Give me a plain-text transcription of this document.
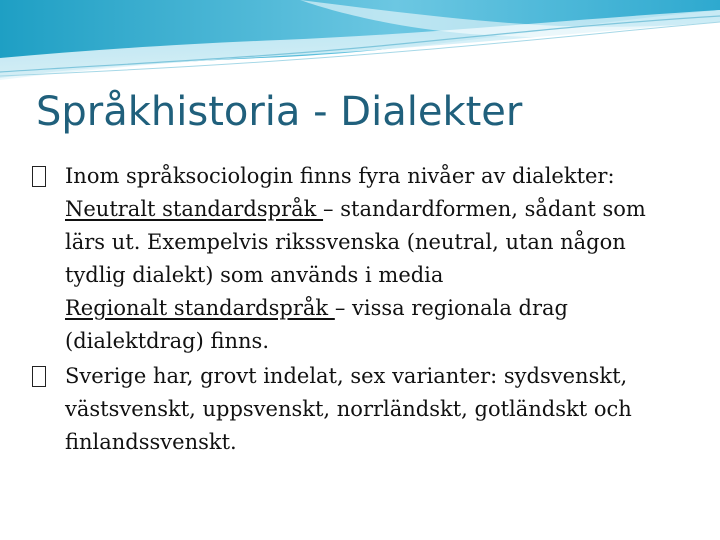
Språkhistoria - Dialekter
Inom språksociologin finns fyra nivåer av dialekter:
Neutralt standardspråk – standardformen, sådant som lärs ut. Exempelvis rikssvenska (neutral, utan någon tydlig dialekt) som används i media
Regionalt standardspråk – vissa regionala drag (dialektdrag) finns.
Sverige har, grovt indelat, sex varianter: sydsvenskt, västsvenskt, uppsvenskt, norrländskt, gotländskt och finlandssvenskt.
